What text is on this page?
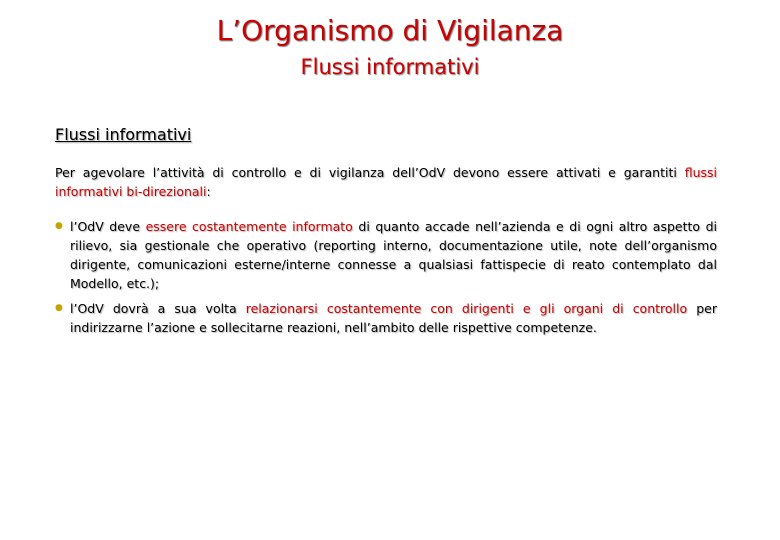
L’Organismo di Vigilanza
Flussi informativi
Flussi informativi

Per agevolare l’attività di controllo e di vigilanza dell’OdV devono essere attivati e garantiti flussi informativi bi-direzionali:

● l’OdV deve essere costantemente informato di quanto accade nell’azienda e di ogni altro aspetto di rilievo, sia gestionale che operativo (reporting interno, documentazione utile, note dell’organismo dirigente, comunicazioni esterne/interne connesse a qualsiasi fattispecie di reato contemplato dal Modello, etc.);
● l’OdV dovrà a sua volta relazionarsi costantemente con dirigenti e gli organi di controllo per indirizzarne l’azione e sollecitarne reazioni, nell’ambito delle rispettive competenze.
